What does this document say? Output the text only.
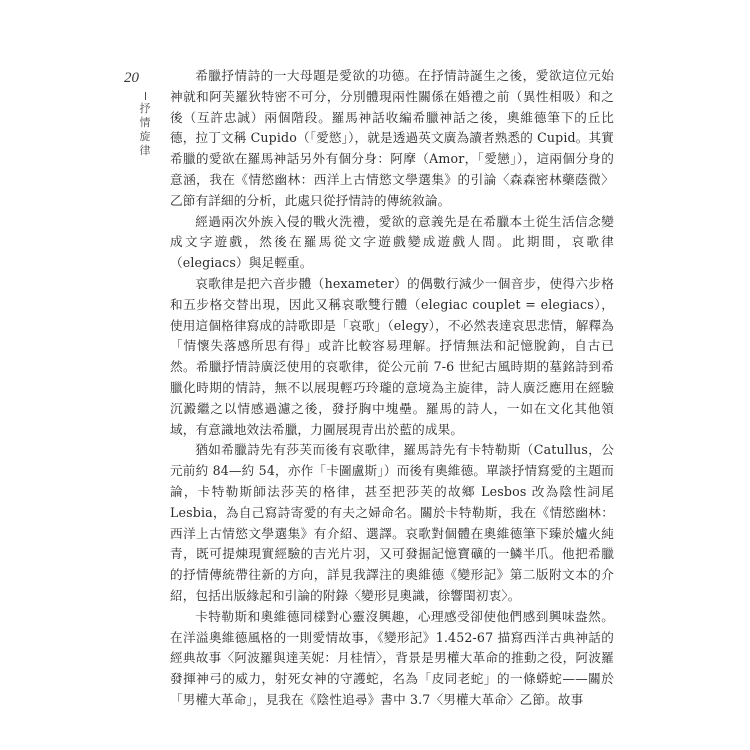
20
抒
情
旋
律

希臘抒情詩的一大母題是愛欲的功德。在抒情詩誕生之後，愛欲這位元始神就和阿芙羅狄特密不可分，分別體現兩性關係在婚禮之前（異性相吸）和之後（互許忠誠）兩個階段。羅馬神話收編希臘神話之後，奧維德筆下的丘比德，拉丁文稱 Cupido（「愛慾」），就是透過英文廣為讀者熟悉的 Cupid。其實希臘的愛欲在羅馬神話另外有個分身：阿摩（Amor，「愛戀」），這兩個分身的意涵，我在《情慾幽林：西洋上古情慾文學選集》的引論〈森森密林藥蔭微〉乙節有詳細的分析，此處只從抒情詩的傳統敘論。

經過兩次外族入侵的戰火洗禮，愛欲的意義先是在希臘本土從生活信念變成文字遊戲，然後在羅馬從文字遊戲變成遊戲人間。此期間，哀歌律（elegiacs）與足輕重。

哀歌律是把六音步體（hexameter）的偶數行減少一個音步，使得六步格和五步格交替出現，因此又稱哀歌雙行體（elegiac couplet = elegiacs），使用這個格律寫成的詩歌即是「哀歌」（elegy），不必然表達哀思悲情，解釋為「情懷失落感所思有得」或許比較容易理解。抒情無法和記憶脫鉤，自古已然。希臘抒情詩廣泛使用的哀歌律，從公元前 7-6 世紀古風時期的墓銘詩到希臘化時期的情詩，無不以展現輕巧玲瓏的意境為主旋律，詩人廣泛應用在經驗沉澱繼之以情感過濾之後，發抒胸中塊壘。羅馬的詩人，一如在文化其他領域，有意識地效法希臘，力圖展現青出於藍的成果。

猶如希臘詩先有莎芙而後有哀歌律，羅馬詩先有卡特勒斯（Catullus，公元前約 84—約 54，亦作「卡圖盧斯」）而後有奧維德。單談抒情寫愛的主題而論，卡特勒斯師法莎芙的格律，甚至把莎芙的故鄉 Lesbos 改為陰性詞尾 Lesbia，為自己寫詩寄愛的有夫之婦命名。關於卡特勒斯，我在《情慾幽林：西洋上古情慾文學選集》有介紹、選譯。哀歌對個體在奧維德筆下臻於爐火純青，既可提煉現實經驗的吉光片羽，又可發掘記憶寶礦的一鱗半爪。他把希臘的抒情傳統帶往新的方向，詳見我譯注的奧維德《變形記》第二版附文本的介紹，包括出版緣起和引論的附錄〈變形見奧識，徐響閨初衷〉。

卡特勒斯和奧維德同樣對心靈沒興趣，心理感受卻使他們感到興味盎然。在洋溢奧維德風格的一則愛情故事，《變形記》1.452-67 描寫西洋古典神話的經典故事〈阿波羅與達芙妮：月桂情〉，背景是男權大革命的推動之役，阿波羅發揮神弓的威力，射死女神的守護蛇，名為「皮同老蛇」的一條蟒蛇——關於「男權大革命」，見我在《陰性追尋》書中 3.7〈男權大革命〉乙節。故事
